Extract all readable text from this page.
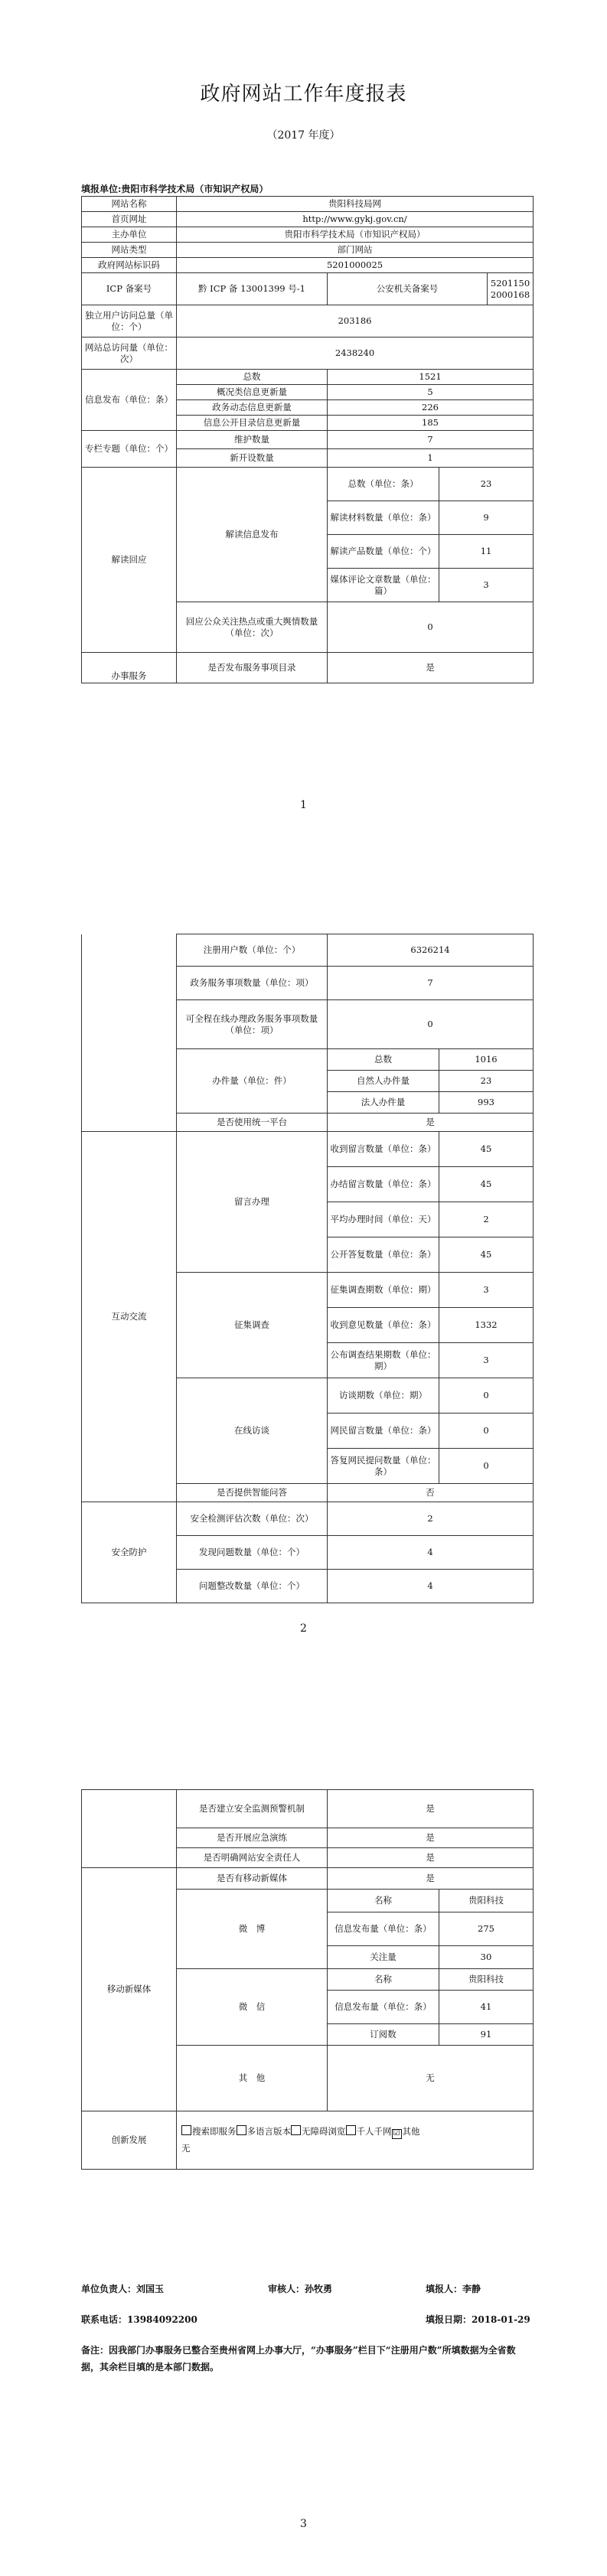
政府网站工作年度报表
（2017 年度）
填报单位:贵阳市科学技术局（市知识产权局）
网站名称	贵阳科技局网			
首页网址	http://www.gykj.gov.cn/			
主办单位	贵阳市科学技术局（市知识产权局）			
网站类型	部门网站			
政府网站标识码	5201000025			
ICP 备案号	黔 ICP 备 13001399 号-1	公安机关备案号		52011502000168
独立用户访问总量（单位：个）	203186			
网站总访问量（单位：次）	2438240			
信息发布（单位：条）	总数	1521		
	概况类信息更新量	5		
	政务动态信息更新量	226		
	信息公开目录信息更新量	185		
专栏专题（单位：个）	维护数量	7		
	新开设数量	1		
解读回应	解读信息发布	总数（单位：条）	23	
		解读材料数量（单位：条）	9	
		解读产品数量（单位：个）	11	
		媒体评论文章数量（单位：篇）	3	
	回应公众关注热点或重大舆情数量（单位：次）	0		
办事服务	是否发布服务事项目录	是		
1
	注册用户数（单位：个）	6326214	
	政务服务事项数量（单位：项）	7	
	可全程在线办理政务服务事项数量（单位：项）	0	
	办件量（单位：件）	总数	1016
		自然人办件量	23
		法人办件量	993
	是否使用统一平台	是	
互动交流	留言办理	收到留言数量（单位：条）	45
		办结留言数量（单位：条）	45
		平均办理时间（单位：天）	2
		公开答复数量（单位：条）	45
	征集调查	征集调查期数（单位：期）	3
		收到意见数量（单位：条）	1332
		公布调查结果期数（单位：期）	3
	在线访谈	访谈期数（单位：期）	0
		网民留言数量（单位：条）	0
		答复网民提问数量（单位：条）	0
	是否提供智能问答	否	
安全防护	安全检测评估次数（单位：次）	2	
	发现问题数量（单位：个）	4	
	问题整改数量（单位：个）	4	
2
	是否建立安全监测预警机制	是	
	是否开展应急演练	是	
	是否明确网站安全责任人	是	
移动新媒体	是否有移动新媒体	是	
	微　博	名称	贵阳科技
		信息发布量（单位：条）	275
		关注量	30
	微　信	名称	贵阳科技
		信息发布量（单位：条）	41
		订阅数	91
	其　他	无	
创新发展	搜索即服务 多语言版本 无障碍浏览 千人千网 ☑ 其他
无		
单位负责人：刘国玉	审核人：孙牧勇	填报人：李静
联系电话：13984092200	填报日期：2018-01-29
备注：因我部门办事服务已整合至贵州省网上办事大厅，“办事服务”栏目下“注册用户数”所填数据为全省数据，其余栏目填的是本部门数据。
3
